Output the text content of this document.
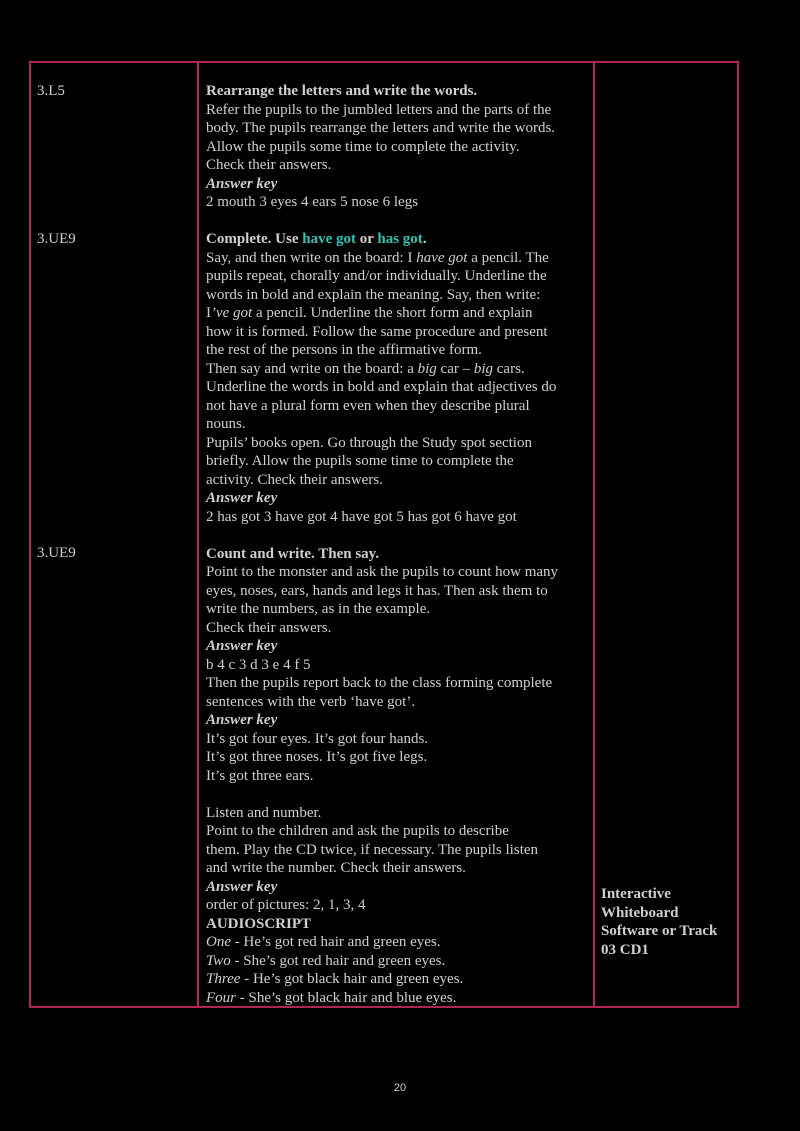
3.L5
3.UE9
3.UE9

Rearrange the letters and write the words.

Refer the pupils to the jumbled letters and the parts of the

body. The pupils rearrange the letters and write the words.

Allow the pupils some time to complete the activity.

Check their answers.

Answer key

2 mouth 3 eyes 4 ears 5 nose 6 legs

Complete. Use have got or has got.

Say, and then write on the board: I have got a pencil. The

pupils repeat, chorally and/or individually. Underline the

words in bold and explain the meaning. Say, then write:

I’ve got a pencil. Underline the short form and explain

how it is formed. Follow the same procedure and present

the rest of the persons in the affirmative form.

Then say and write on the board: a big car – big cars.

Underline the words in bold and explain that adjectives do

not have a plural form even when they describe plural

nouns.

Pupils’ books open. Go through the Study spot section

briefly. Allow the pupils some time to complete the

activity. Check their answers.

Answer key

2 has got 3 have got 4 have got 5 has got 6 have got

Count and write. Then say.

Point to the monster and ask the pupils to count how many

eyes, noses, ears, hands and legs it has. Then ask them to

write the numbers, as in the example.

Check their answers.

Answer key

b 4 c 3 d 3 e 4 f 5

Then the pupils report back to the class forming complete

sentences with the verb ‘have got’.

Answer key

It’s got four eyes. It’s got four hands.

It’s got three noses. It’s got five legs.

It’s got three ears.

Listen and number.

Point to the children and ask the pupils to describe

them. Play the CD twice, if necessary. The pupils listen

and write the number. Check their answers.

Answer key

order of pictures: 2, 1, 3, 4

AUDIOSCRIPT

One - He’s got red hair and green eyes.

Two - She’s got red hair and green eyes.

Three - He’s got black hair and green eyes.

Four - She’s got black hair and blue eyes.

Interactive
Whiteboard
Software or Track
03 CD1
20
